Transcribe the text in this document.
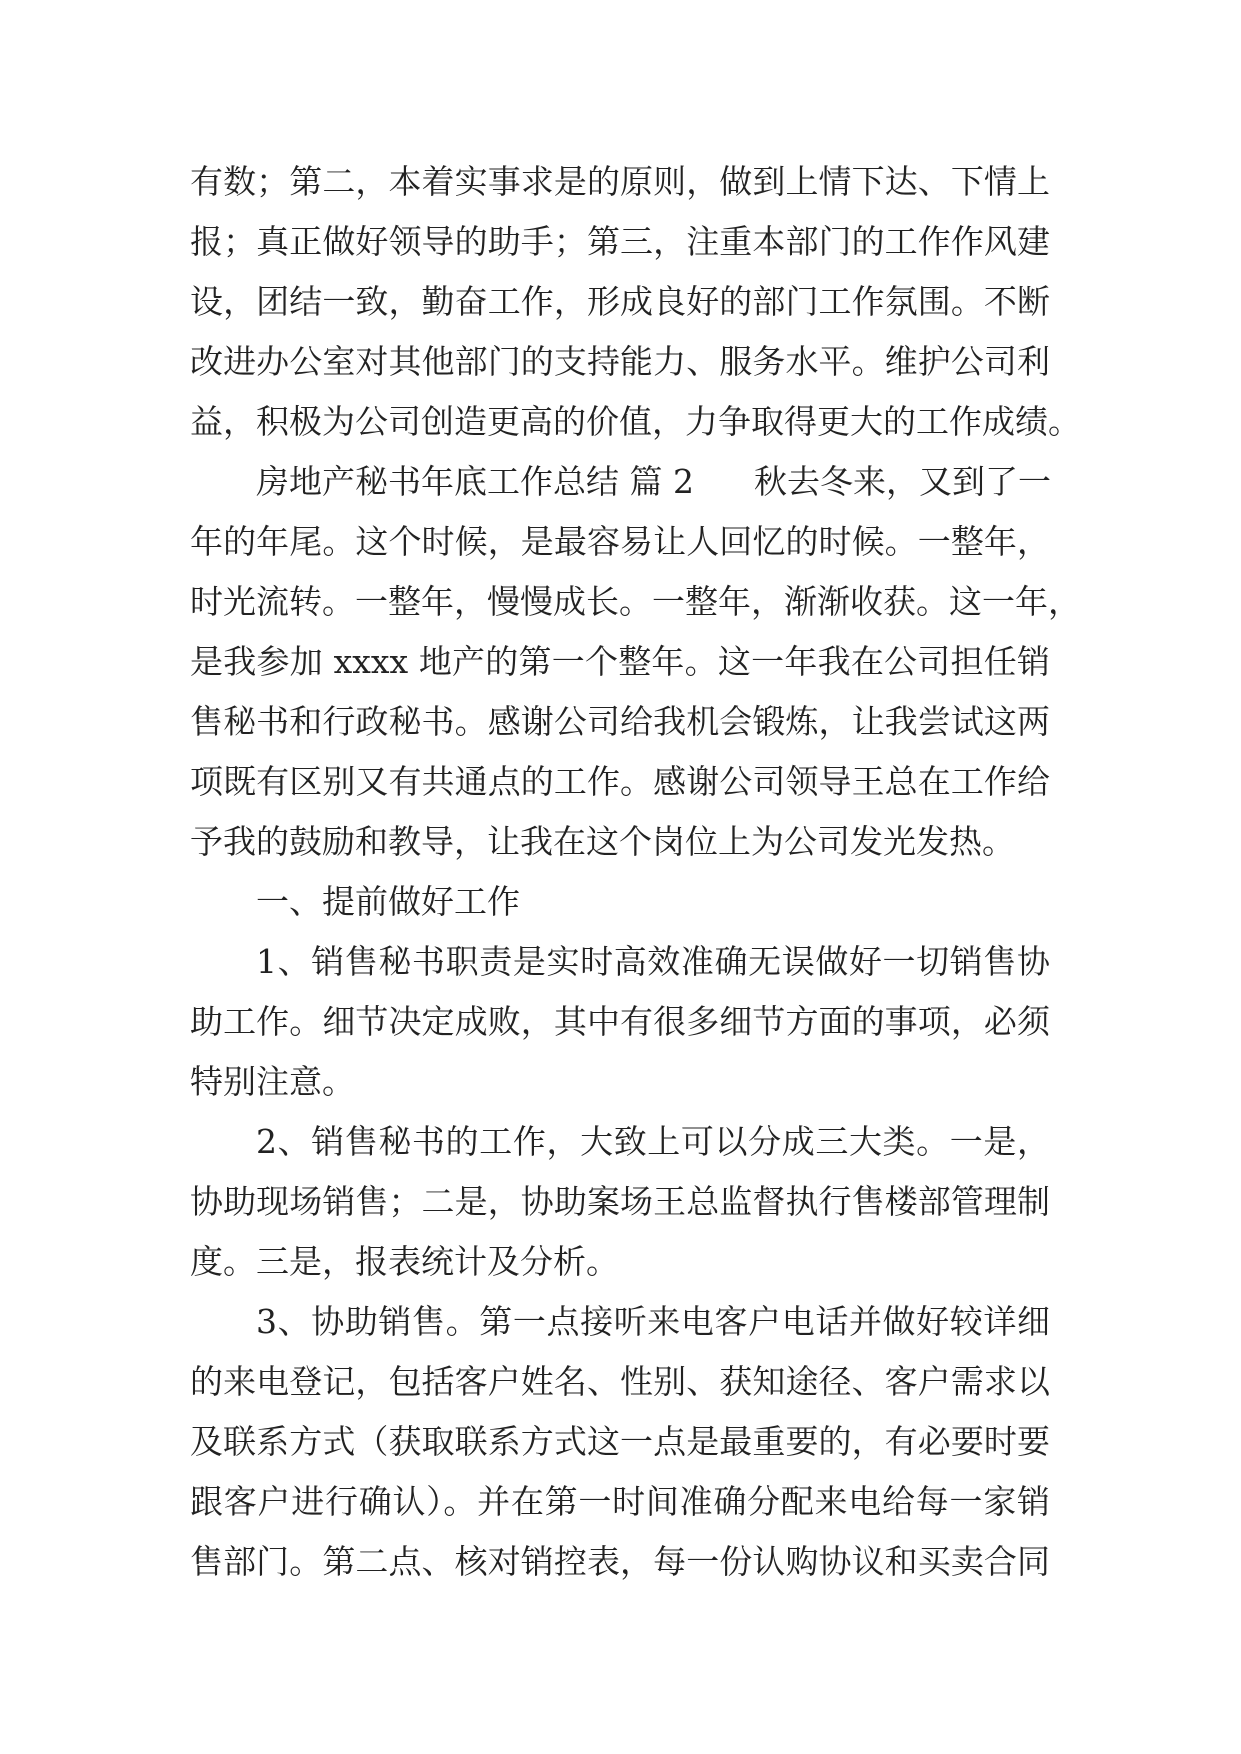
有数；第二，本着实事求是的原则，做到上情下达、下情上
报；真正做好领导的助手；第三，注重本部门的工作作风建
设，团结一致，勤奋工作，形成良好的部门工作氛围。不断
改进办公室对其他部门的支持能力、服务水平。维护公司利
益，积极为公司创造更高的价值，力争取得更大的工作成绩。
房地产秘书年底工作总结 篇 2 秋去冬来，又到了一
年的年尾。这个时候，是最容易让人回忆的时候。一整年，
时光流转。一整年，慢慢成长。一整年，渐渐收获。这一年，
是我参加 xxxx 地产的第一个整年。这一年我在公司担任销
售秘书和行政秘书。感谢公司给我机会锻炼，让我尝试这两
项既有区别又有共通点的工作。感谢公司领导王总在工作给
予我的鼓励和教导，让我在这个岗位上为公司发光发热。
一、提前做好工作
1、销售秘书职责是实时高效准确无误做好一切销售协
助工作。细节决定成败，其中有很多细节方面的事项，必须
特别注意。
2、销售秘书的工作，大致上可以分成三大类。一是，
协助现场销售；二是，协助案场王总监督执行售楼部管理制
度。三是，报表统计及分析。
3、协助销售。第一点接听来电客户电话并做好较详细
的来电登记，包括客户姓名、性别、获知途径、客户需求以
及联系方式（获取联系方式这一点是最重要的，有必要时要
跟客户进行确认）。并在第一时间准确分配来电给每一家销
售部门。第二点、核对销控表，每一份认购协议和买卖合同
